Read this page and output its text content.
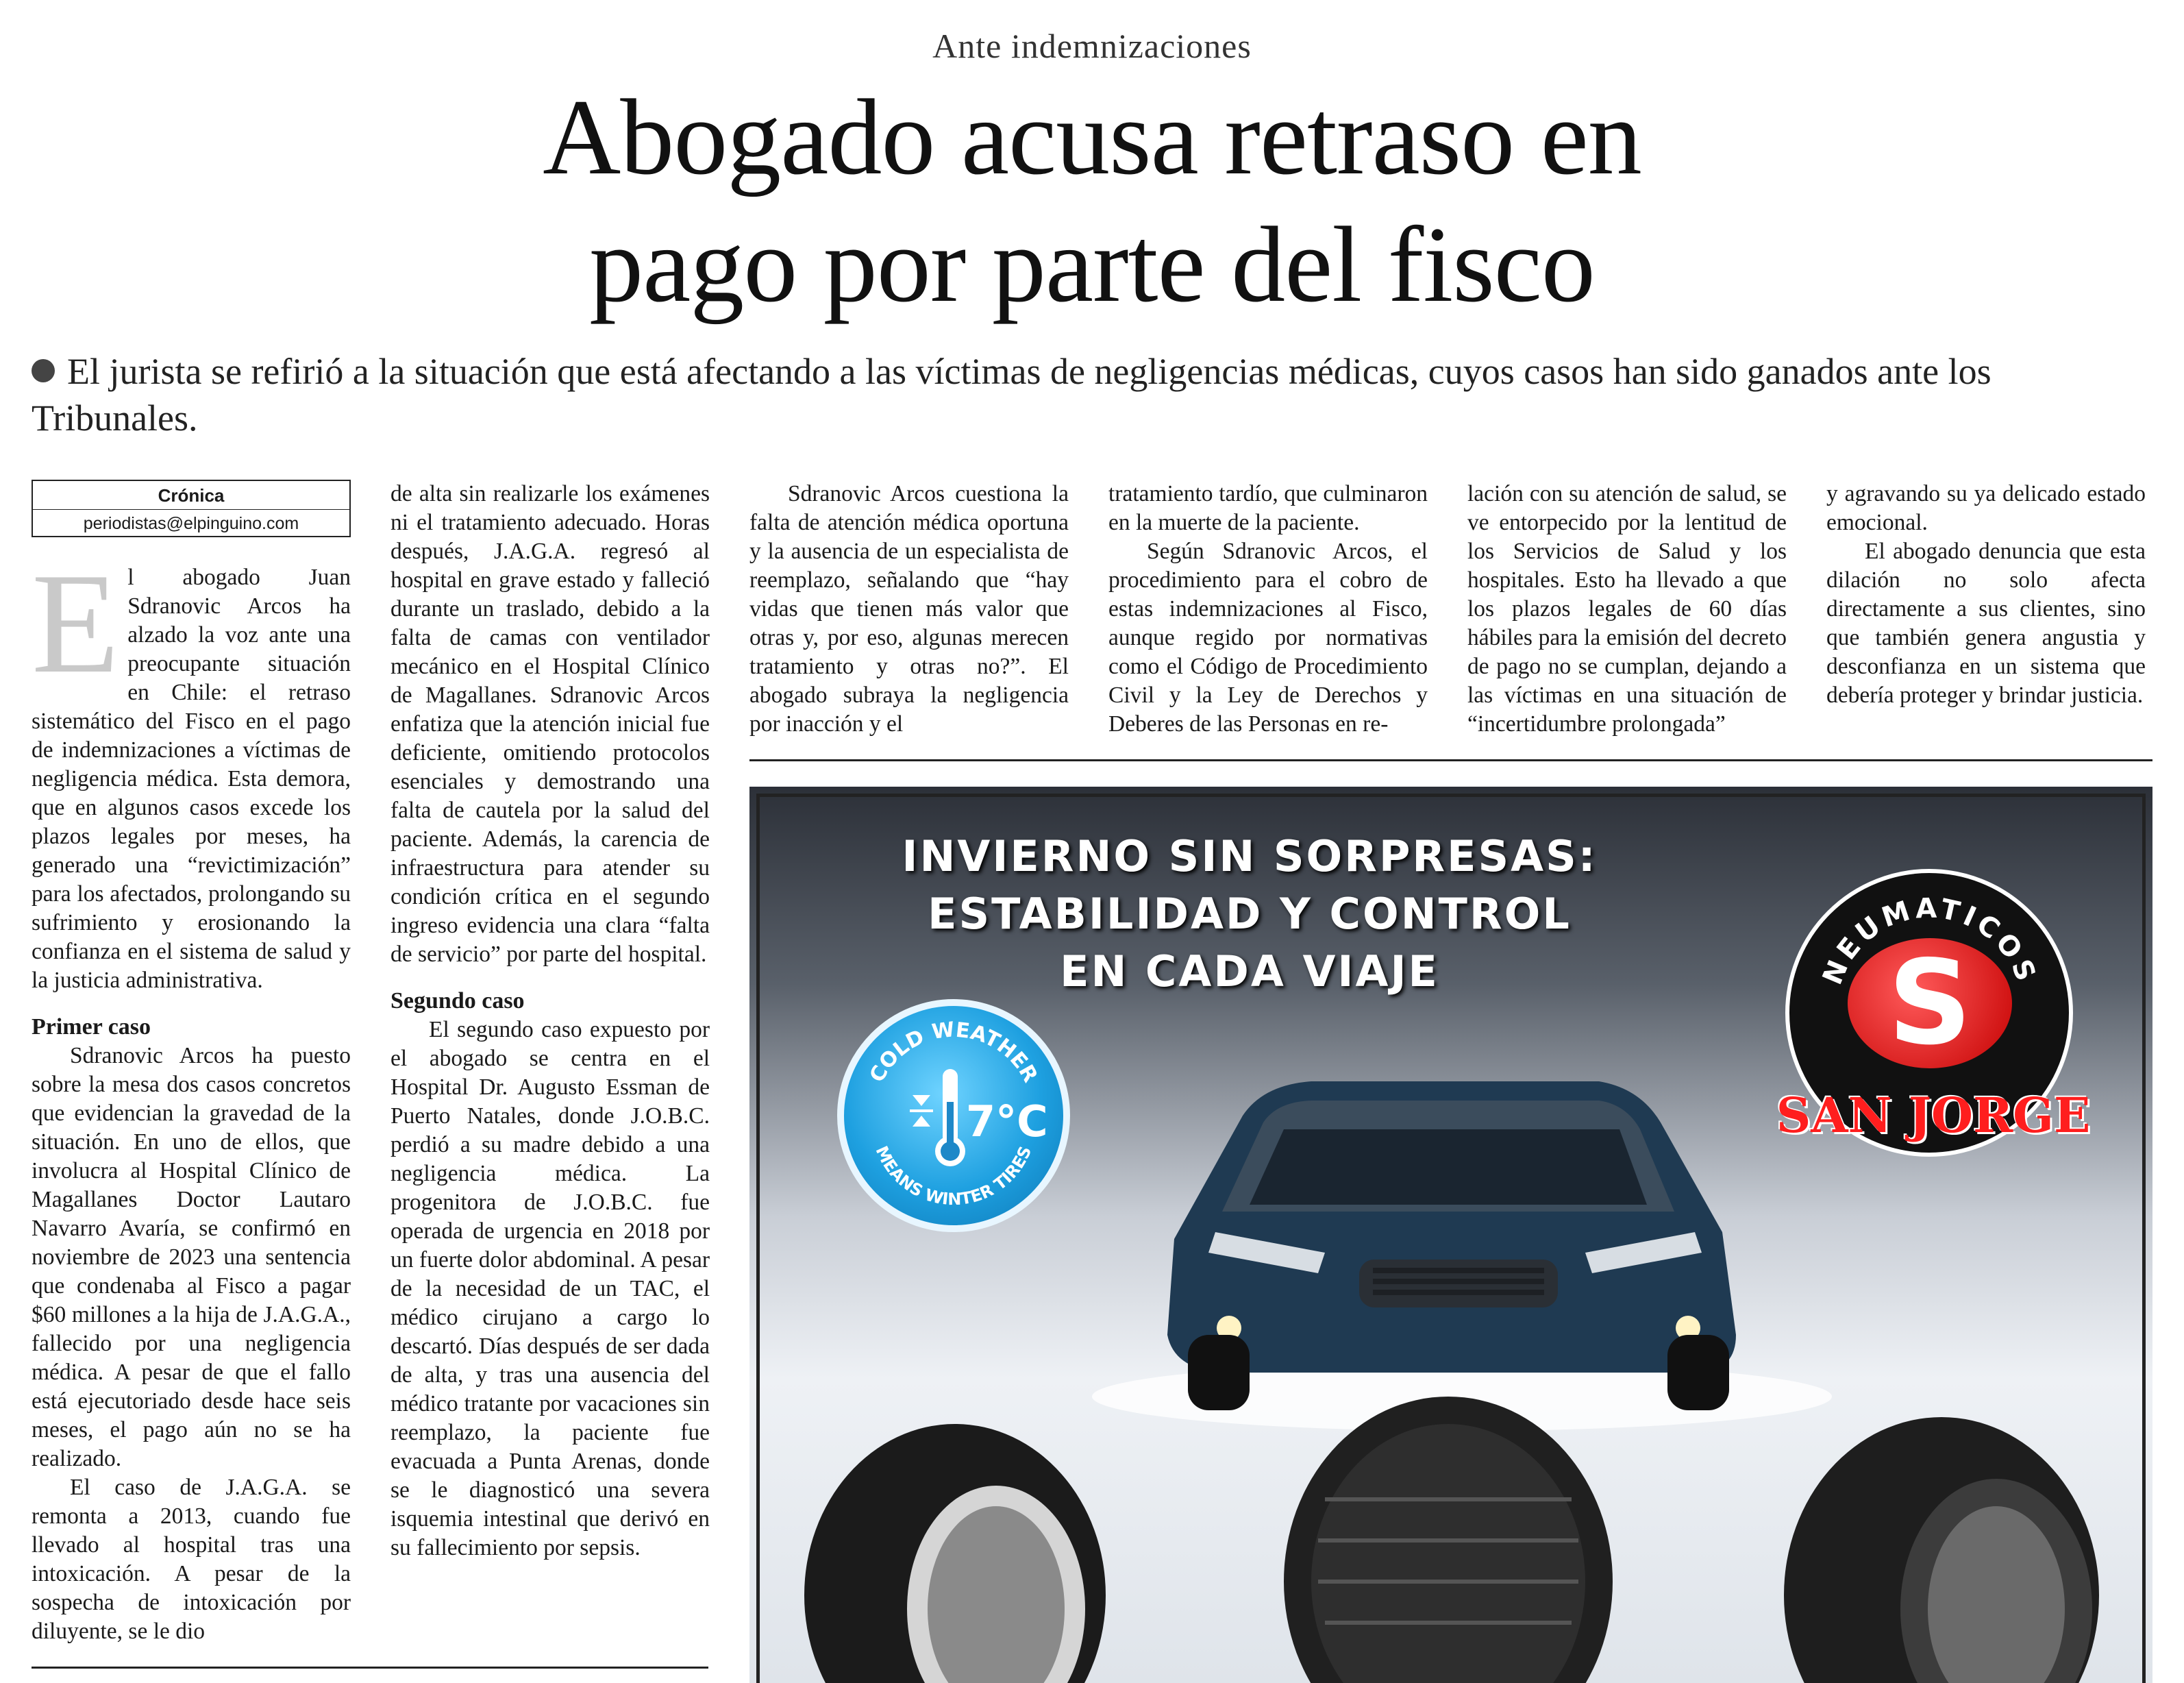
Ante indemnizaciones
Abogado acusa retraso en
pago por parte del fisco
El jurista se refirió a la situación que está afectando a las víctimas de negligencias médicas, cuyos casos han sido ganados ante los Tribunales.
Crónica
periodistas@elpinguino.com

El abogado Juan Sdranovic Arcos ha alzado la voz ante una preocupante situación en Chile: el retraso sistemático del Fisco en el pago de indemnizaciones a víctimas de negligencia médica. Esta demora, que en algunos casos excede los plazos legales por meses, ha generado una “revictimización” para los afectados, prolongando su sufrimiento y erosionando la confianza en el sistema de salud y la justicia administrativa.

Primer caso

Sdranovic Arcos ha puesto sobre la mesa dos casos concretos que evidencian la gravedad de la situación. En uno de ellos, que involucra al Hospital Clínico de Magallanes Doctor Lautaro Navarro Avaría, se confirmó en noviembre de 2023 una sentencia que condenaba al Fisco a pagar $60 millones a la hija de J.A.G.A., fallecido por una negligencia médica. A pesar de que el fallo está ejecutoriado desde hace seis meses, el pago aún no se ha realizado.

El caso de J.A.G.A. se remonta a 2013, cuando fue llevado al hospital tras una intoxicación. A pesar de la sospecha de intoxicación por diluyente, se le dio

de alta sin realizarle los exámenes ni el tratamiento adecuado. Horas después, J.A.G.A. regresó al hospital en grave estado y falleció durante un traslado, debido a la falta de camas con ventilador mecánico en el Hospital Clínico de Magallanes. Sdranovic Arcos enfatiza que la atención inicial fue deficiente, omitiendo protocolos esenciales y demostrando una falta de cautela por la salud del paciente. Además, la carencia de infraestructura para atender su condición crítica en el segundo ingreso evidencia una clara “falta de servicio” por parte del hospital.

Segundo caso

El segundo caso expuesto por el abogado se centra en el Hospital Dr. Augusto Essman de Puerto Natales, donde J.O.B.C. perdió a su madre debido a una negligencia médica. La progenitora de J.O.B.C. fue operada de urgencia en 2018 por un fuerte dolor abdominal. A pesar de la necesidad de un TAC, el médico cirujano a cargo lo descartó. Días después de ser dada de alta, y tras una ausencia del médico tratante por vacaciones sin reemplazo, la paciente fue evacuada a Punta Arenas, donde se le diagnosticó una severa isquemia intestinal que derivó en su fallecimiento por sepsis.

Sdranovic Arcos cuestiona la falta de atención médica oportuna y la ausencia de un especialista de reemplazo, señalando que “hay vidas que tienen más valor que otras y, por eso, algunas merecen tratamiento y otras no?”. El abogado subraya la negligencia por inacción y el

tratamiento tardío, que culminaron en la muerte de la paciente.

Según Sdranovic Arcos, el procedimiento para el cobro de estas indemnizaciones al Fisco, aunque regido por normativas como el Código de Procedimiento Civil y la Ley de Derechos y Deberes de las Personas en re-

lación con su atención de salud, se ve entorpecido por la lentitud de los Servicios de Salud y los hospitales. Esto ha llevado a que los plazos legales de 60 días hábiles para la emisión del decreto de pago no se cumplan, dejando a las víctimas en una situación de “incertidumbre prolongada”

y agravando su ya delicado estado emocional.

El abogado denuncia que esta dilación no solo afecta directamente a sus clientes, sino que también genera angustia y desconfianza en un sistema que debería proteger y brindar justicia.

INVIERNO SIN SORPRESAS:
ESTABILIDAD Y CONTROL
EN CADA VIAJE
COLD WEATHER
MEANS WINTER TIRES
7°C
NEUMATICOS
S
SAN JORGE
